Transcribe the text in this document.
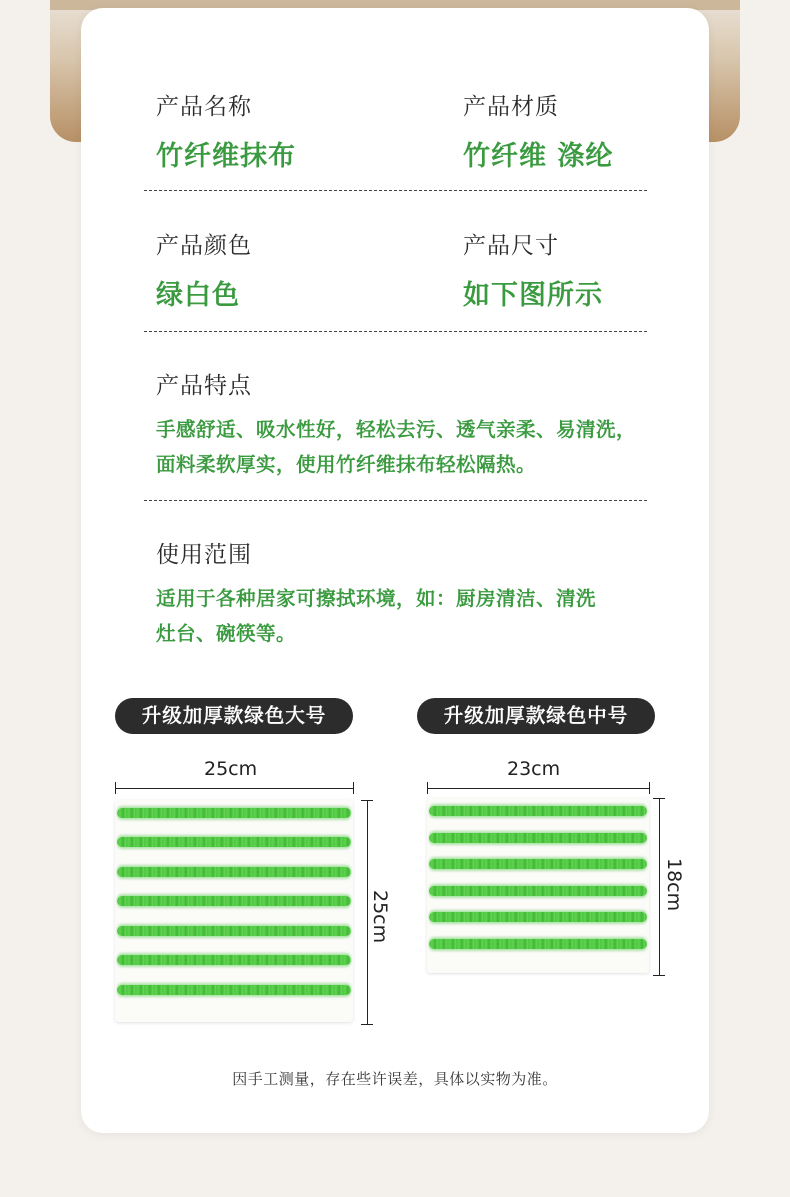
产品名称
竹纤维抹布
产品材质
竹纤维 涤纶
产品颜色
绿白色
产品尺寸
如下图所示
产品特点
手感舒适、吸水性好，轻松去污、透气亲柔、易清洗，
面料柔软厚实，使用竹纤维抹布轻松隔热。
使用范围
适用于各种居家可擦拭环境，如：厨房清洁、清洗
灶台、碗筷等。
升级加厚款绿色大号	升级加厚款绿色中号
25cm
25cm
23cm
18cm
因手工测量，存在些许误差，具体以实物为准。
